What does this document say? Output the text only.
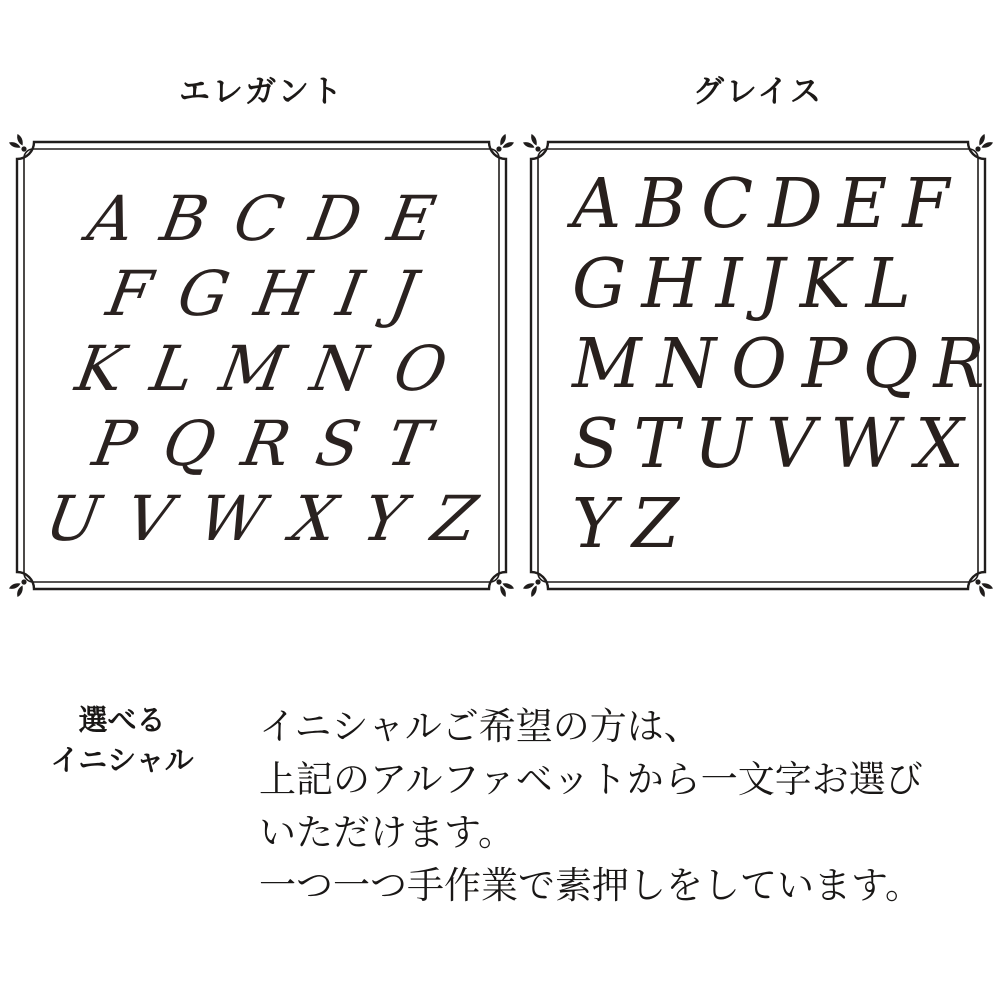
エレガント	グレイス
A B C D E
F G H I J
K L M N O
P Q R S T
U V W X Y Z
A B C D E F
G H I J K L
M N O P Q R
S T U V W X
Y Z
選べる
イニシャル
イニシャルご希望の方は、
上記のアルファベットから一文字お選び
いただけます。
一つ一つ手作業で素押しをしています。
